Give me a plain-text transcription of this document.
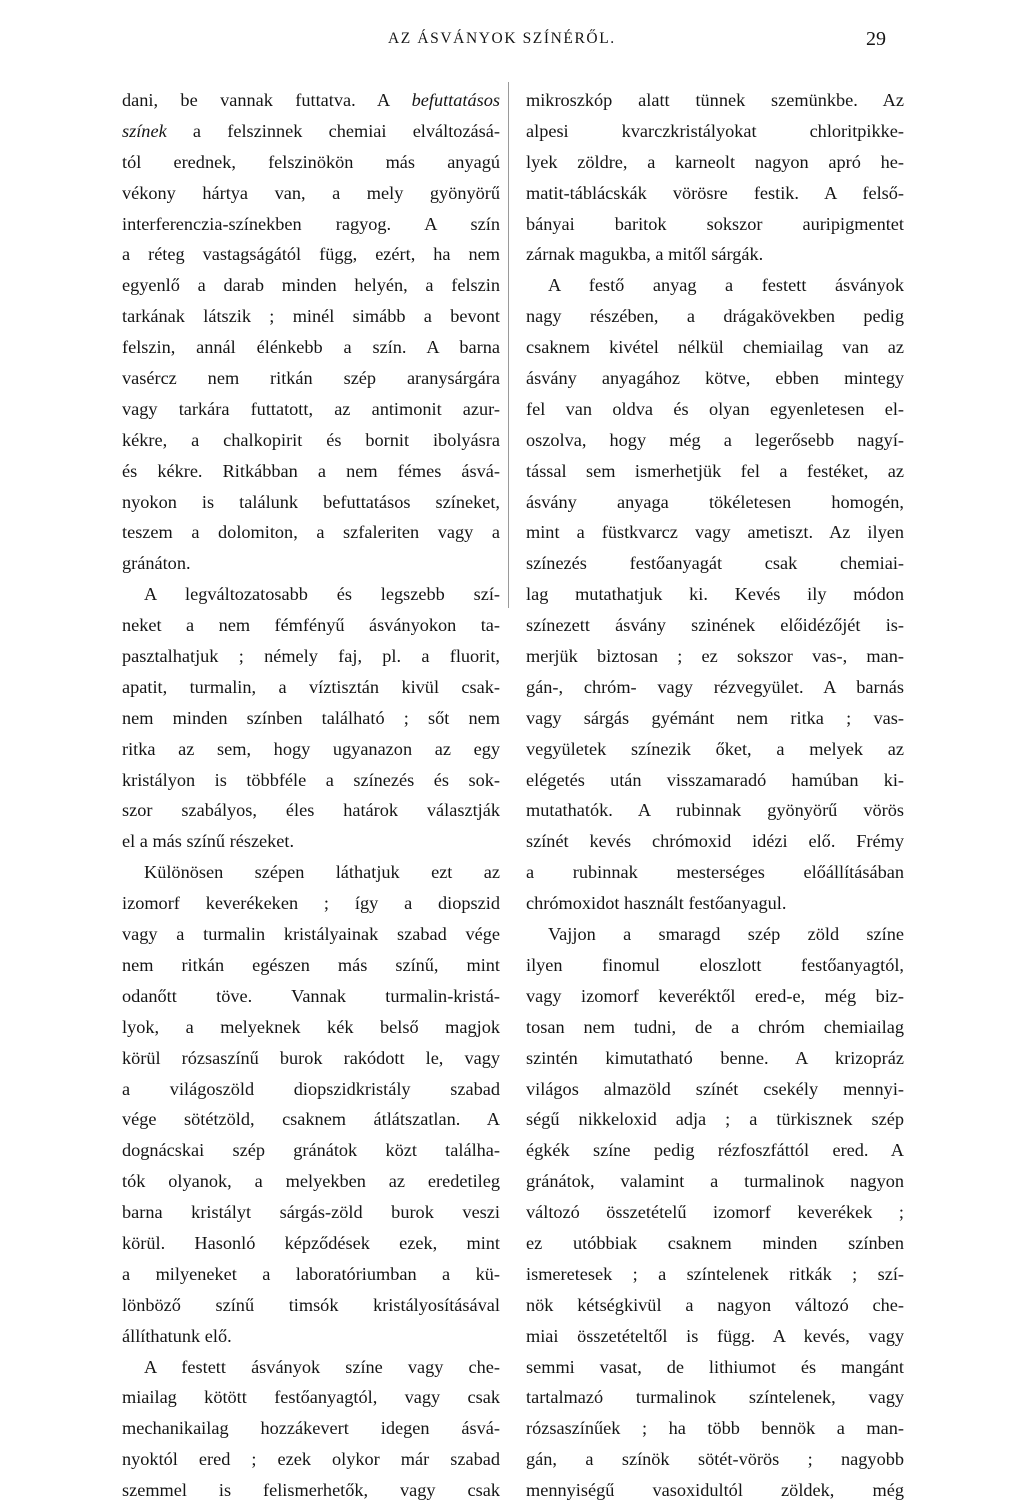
AZ ÁSVÁNYOK SZÍNÉRŐL.	29
dani, be vannak futtatva. A befuttatásos
színek a felszinnek chemiai elváltozásá-
tól erednek, felszinökön más anyagú
vékony hártya van, a mely gyönyörű
interferenczia-színekben ragyog. A szín
a réteg vastagságától függ, ezért, ha nem
egyenlő a darab minden helyén, a felszin
tarkának látszik ; minél simább a bevont
felszin, annál élénkebb a szín. A barna
vasércz nem ritkán szép aranysárgára
vagy tarkára futtatott, az antimonit azur-
kékre, a chalkopirit és bornit ibolyásra
és kékre. Ritkábban a nem fémes ásvá-
nyokon is találunk befuttatásos színeket,
teszem a dolomiton, a szfaleriten vagy a
gránáton.
A legváltozatosabb és legszebb szí-
neket a nem fémfényű ásványokon ta-
pasztalhatjuk ; némely faj, pl. a fluorit,
apatit, turmalin, a víztisztán kivül csak-
nem minden színben található ; sőt nem
ritka az sem, hogy ugyanazon az egy
kristályon is többféle a színezés és sok-
szor szabályos, éles határok választják
el a más színű részeket.
Különösen szépen láthatjuk ezt az
izomorf keverékeken ; így a diopszid
vagy a turmalin kristályainak szabad vége
nem ritkán egészen más színű, mint
odanőtt töve. Vannak turmalin-kristá-
lyok, a melyeknek kék belső magjok
körül rózsaszínű burok rakódott le, vagy
a világoszöld diopszidkristály szabad
vége sötétzöld, csaknem átlátszatlan. A
dognácskai szép gránátok közt találha-
tók olyanok, a melyekben az eredetileg
barna kristályt sárgás-zöld burok veszi
körül. Hasonló képződések ezek, mint
a milyeneket a laboratóriumban a kü-
lönböző színű timsók kristályosításával
állíthatunk elő.
A festett ásványok színe vagy che-
miailag kötött festőanyagtól, vagy csak
mechanikailag hozzákevert idegen ásvá-
nyoktól ered ; ezek olykor már szabad
szemmel is felismerhetők, vagy csak
mikroszkóp alatt tünnek szemünkbe. Az
alpesi kvarczkristályokat chloritpikke-
lyek zöldre, a karneolt nagyon apró he-
matit-táblácskák vörösre festik. A felső-
bányai baritok sokszor auripigmentet
zárnak magukba, a mitől sárgák.
A festő anyag a festett ásványok
nagy részében, a drágakövekben pedig
csaknem kivétel nélkül chemiailag van az
ásvány anyagához kötve, ebben mintegy
fel van oldva és olyan egyenletesen el-
oszolva, hogy még a legerősebb nagyí-
tással sem ismerhetjük fel a festéket, az
ásvány anyaga tökéletesen homogén,
mint a füstkvarcz vagy ametiszt. Az ilyen
színezés festőanyagát csak chemiai-
lag mutathatjuk ki. Kevés ily módon
színezett ásvány szinének előidézőjét is-
merjük biztosan ; ez sokszor vas-, man-
gán-, chróm- vagy rézvegyület. A barnás
vagy sárgás gyémánt nem ritka ; vas-
vegyületek színezik őket, a melyek az
elégetés után visszamaradó hamúban ki-
mutathatók. A rubinnak gyönyörű vörös
színét kevés chrómoxid idézi elő. Frémy
a rubinnak mesterséges előállításában
chrómoxidot használt festőanyagul.
Vajjon a smaragd szép zöld színe
ilyen finomul eloszlott festőanyagtól,
vagy izomorf keveréktől ered-e, még biz-
tosan nem tudni, de a chróm chemiailag
szintén kimutatható benne. A krizopráz
világos almazöld színét csekély mennyi-
ségű nikkeloxid adja ; a türkisznek szép
égkék színe pedig rézfoszfáttól ered. A
gránátok, valamint a turmalinok nagyon
változó összetételű izomorf keverékek ;
ez utóbbiak csaknem minden színben
ismeretesek ; a színtelenek ritkák ; szí-
nök kétségkivül a nagyon változó che-
miai összetételtől is függ. A kevés, vagy
semmi vasat, de lithiumot és mangánt
tartalmazó turmalinok színtelenek, vagy
rózsaszínűek ; ha több bennök a man-
gán, a színök sötét-vörös ; nagyobb
mennyiségű vasoxidultól zöldek, még
